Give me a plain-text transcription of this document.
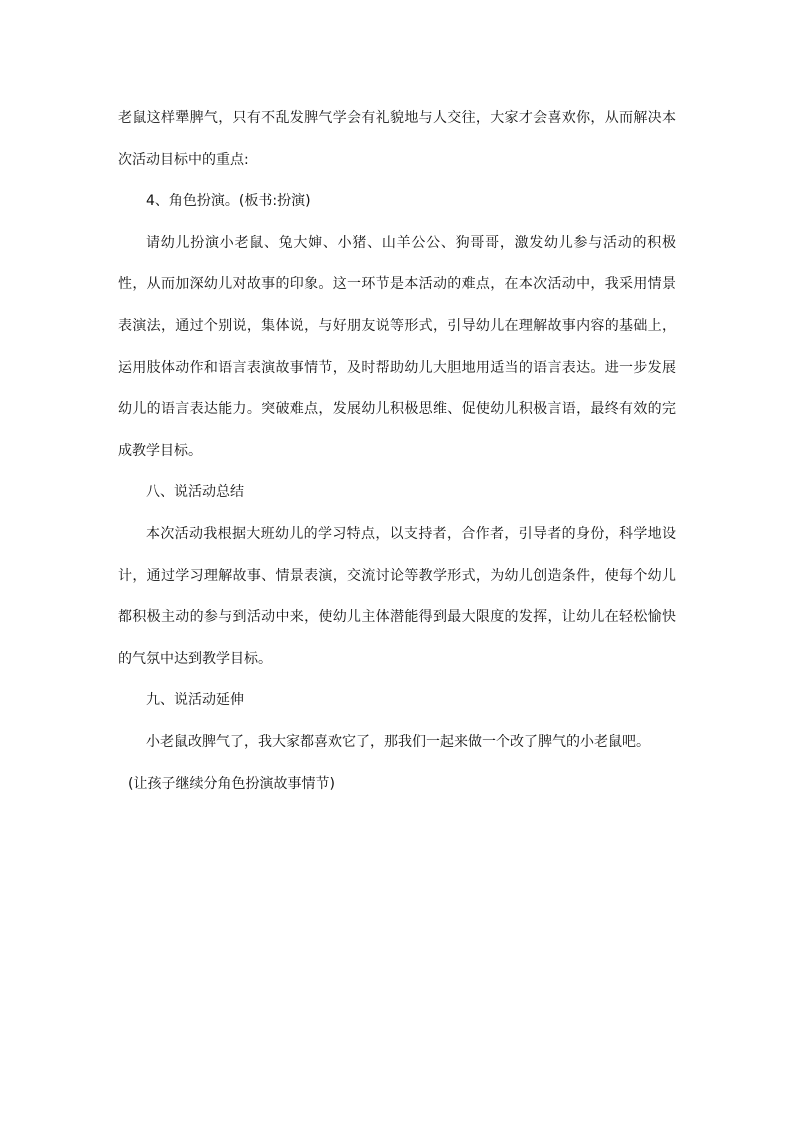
老鼠这样犟脾气，只有不乱发脾气学会有礼貌地与人交往，大家才会喜欢你，从而解决本次活动目标中的重点:

4、角色扮演。(板书:扮演)

请幼儿扮演小老鼠、兔大婶、小猪、山羊公公、狗哥哥，激发幼儿参与活动的积极性，从而加深幼儿对故事的印象。这一环节是本活动的难点，在本次活动中，我采用情景表演法，通过个别说，集体说，与好朋友说等形式，引导幼儿在理解故事内容的基础上，运用肢体动作和语言表演故事情节，及时帮助幼儿大胆地用适当的语言表达。进一步发展幼儿的语言表达能力。突破难点，发展幼儿积极思维、促使幼儿积极言语，最终有效的完成教学目标。

八、说活动总结

本次活动我根据大班幼儿的学习特点，以支持者，合作者，引导者的身份，科学地设计，通过学习理解故事、情景表演，交流讨论等教学形式，为幼儿创造条件，使每个幼儿都积极主动的参与到活动中来，使幼儿主体潜能得到最大限度的发挥，让幼儿在轻松愉快的气氛中达到教学目标。

九、说活动延伸

小老鼠改脾气了，我大家都喜欢它了，那我们一起来做一个改了脾气的小老鼠吧。

(让孩子继续分角色扮演故事情节)
